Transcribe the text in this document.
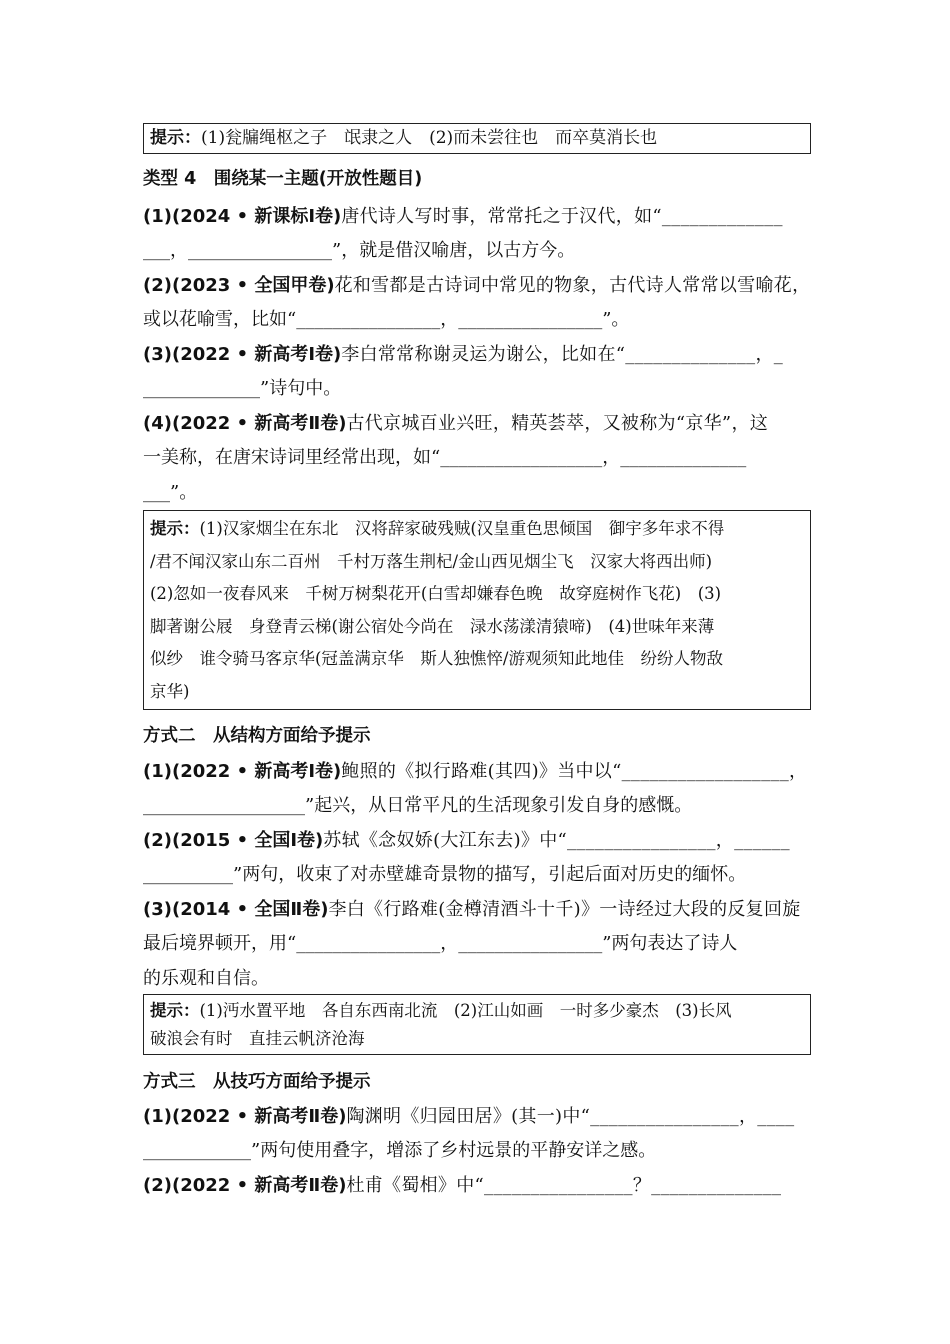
提示：(1)瓮牖绳枢之子　氓隶之人　(2)而未尝往也　而卒莫消长也
类型 4　围绕某一主题(开放性题目)
(1)(2024 • 新课标Ⅰ卷)唐代诗人写时事，常常托之于汉代，如“_____________
___，________________”，就是借汉喻唐，以古方今。
(2)(2023 • 全国甲卷)花和雪都是古诗词中常见的物象，古代诗人常常以雪喻花，
或以花喻雪，比如“________________，________________”。
(3)(2022 • 新高考Ⅰ卷)李白常常称谢灵运为谢公，比如在“______________，_
_____________”诗句中。
(4)(2022 • 新高考Ⅱ卷)古代京城百业兴旺，精英荟萃，又被称为“京华”，这
一美称，在唐宋诗词里经常出现，如“__________________，______________
___”。
提示：(1)汉家烟尘在东北　汉将辞家破残贼(汉皇重色思倾国　御宇多年求不得
/君不闻汉家山东二百州　千村万落生荆杞/金山西见烟尘飞　汉家大将西出师)
(2)忽如一夜春风来　千树万树梨花开(白雪却嫌春色晚　故穿庭树作飞花)　(3)
脚著谢公屐　身登青云梯(谢公宿处今尚在　渌水荡漾清猿啼)　(4)世味年来薄
似纱　谁令骑马客京华(冠盖满京华　斯人独憔悴/游观须知此地佳　纷纷人物敌
京华)
方式二　从结构方面给予提示
(1)(2022 • 新高考Ⅰ卷)鲍照的《拟行路难(其四)》当中以“__________________，
__________________”起兴，从日常平凡的生活现象引发自身的感慨。
(2)(2015 • 全国Ⅰ卷)苏轼《念奴娇(大江东去)》中“________________，______
__________”两句，收束了对赤壁雄奇景物的描写，引起后面对历史的缅怀。
(3)(2014 • 全国Ⅱ卷)李白《行路难(金樽清酒斗十千)》一诗经过大段的反复回旋
最后境界顿开，用“________________，________________”两句表达了诗人
的乐观和自信。
提示：(1)沔水置平地　各自东西南北流　(2)江山如画　一时多少豪杰　(3)长风
破浪会有时　直挂云帆济沧海
方式三　从技巧方面给予提示
(1)(2022 • 新高考Ⅱ卷)陶渊明《归园田居》(其一)中“________________，____
____________”两句使用叠字，增添了乡村远景的平静安详之感。
(2)(2022 • 新高考Ⅱ卷)杜甫《蜀相》中“________________？______________
